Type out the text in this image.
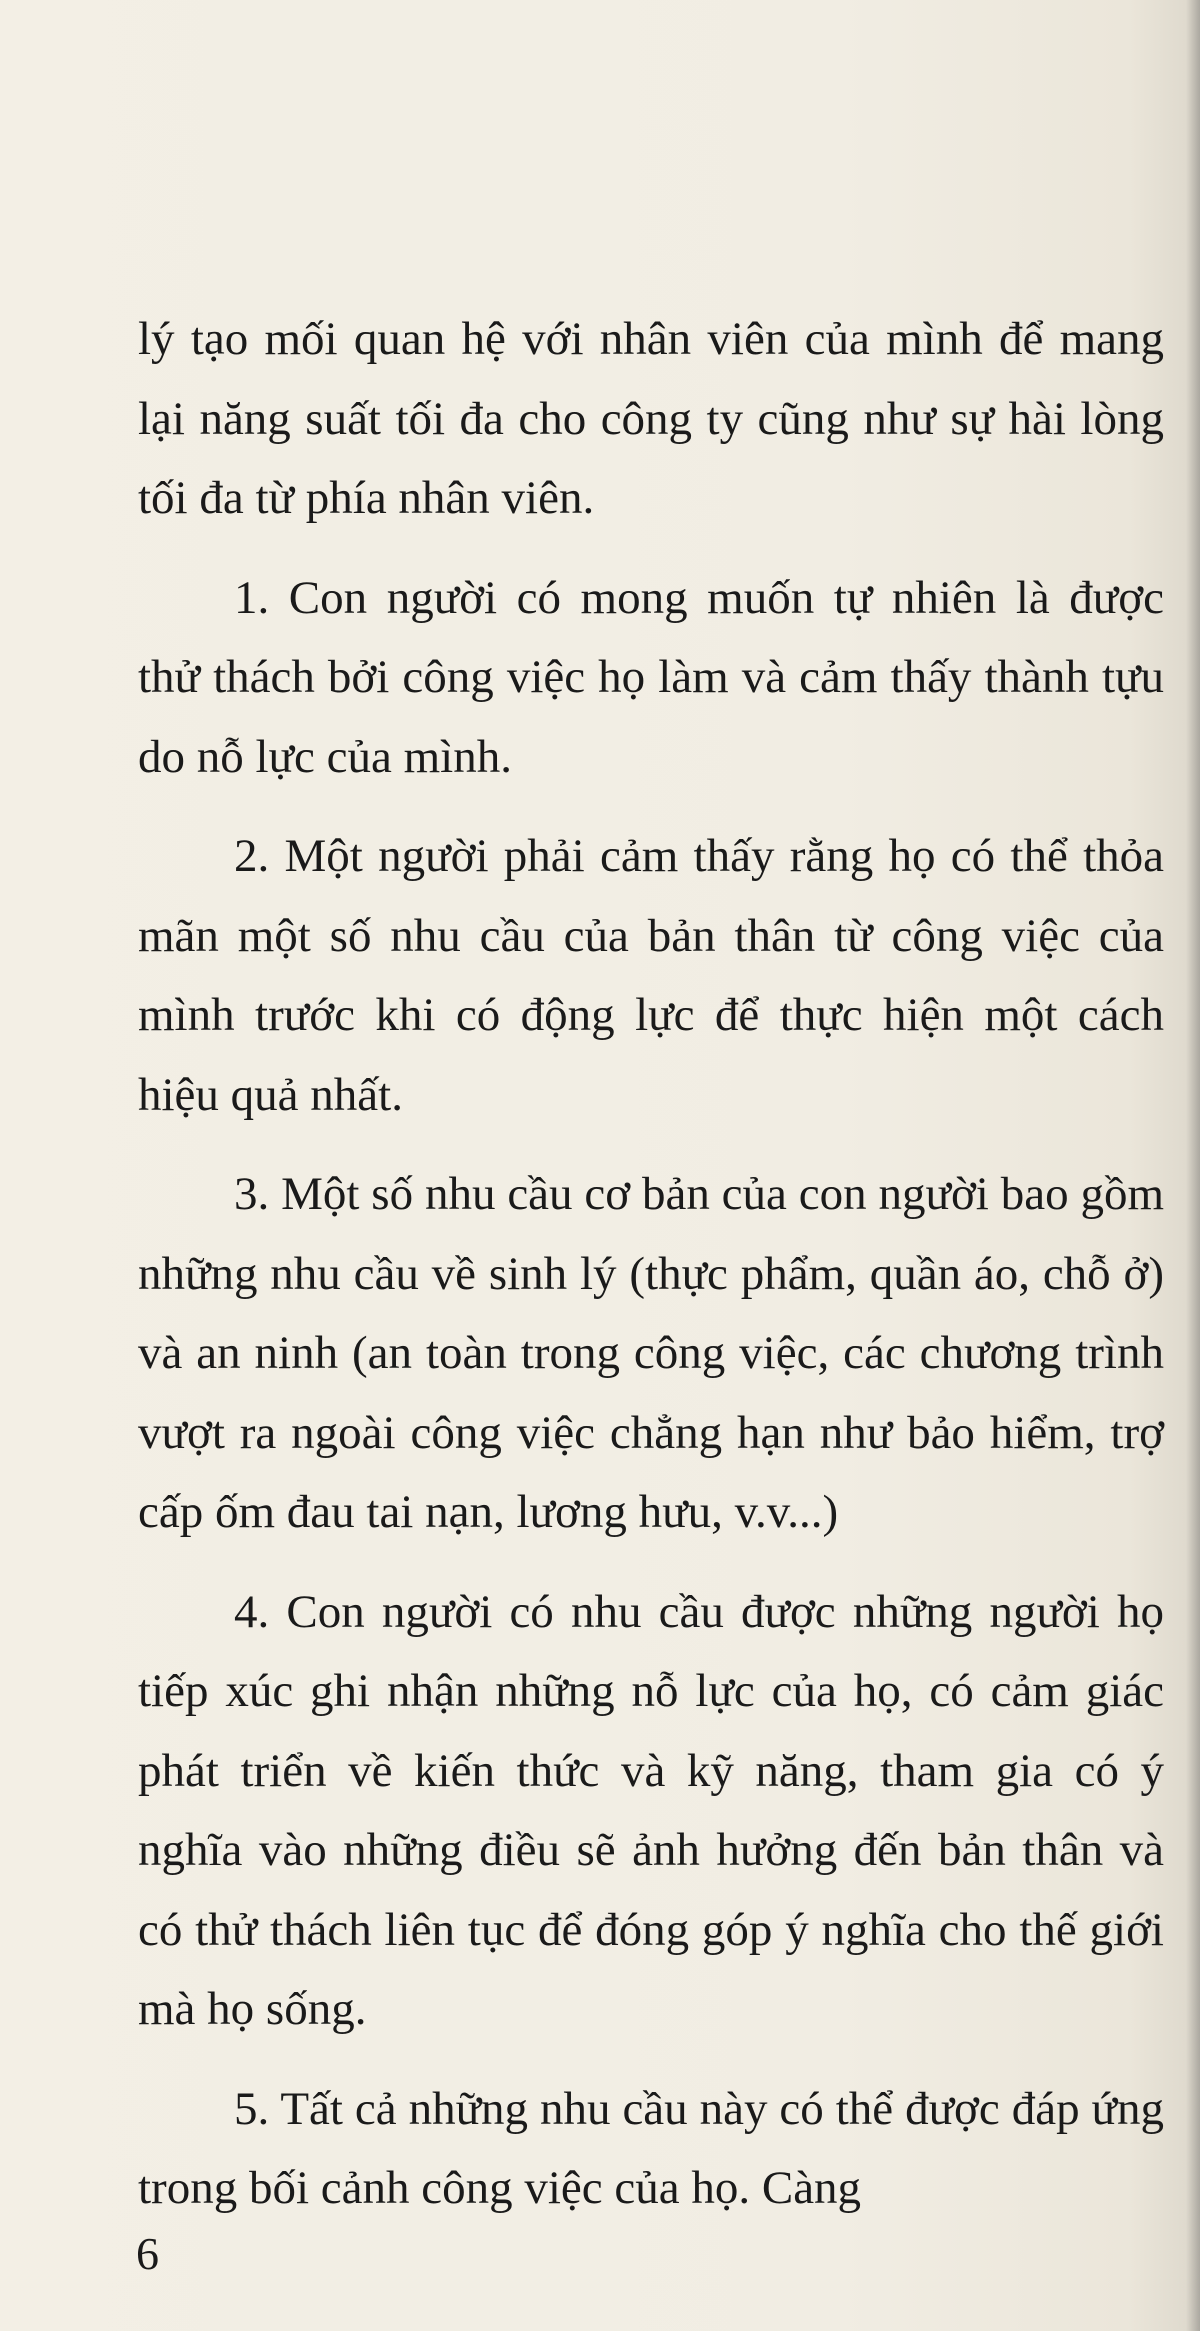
lý tạo mối quan hệ với nhân viên của mình để mang lại năng suất tối đa cho công ty cũng như sự hài lòng tối đa từ phía nhân viên.

1. Con người có mong muốn tự nhiên là được thử thách bởi công việc họ làm và cảm thấy thành tựu do nỗ lực của mình.

2. Một người phải cảm thấy rằng họ có thể thỏa mãn một số nhu cầu của bản thân từ công việc của mình trước khi có động lực để thực hiện một cách hiệu quả nhất.

3. Một số nhu cầu cơ bản của con người bao gồm những nhu cầu về sinh lý (thực phẩm, quần áo, chỗ ở) và an ninh (an toàn trong công việc, các chương trình vượt ra ngoài công việc chẳng hạn như bảo hiểm, trợ cấp ốm đau tai nạn, lương hưu, v.v...)

4. Con người có nhu cầu được những người họ tiếp xúc ghi nhận những nỗ lực của họ, có cảm giác phát triển về kiến thức và kỹ năng, tham gia có ý nghĩa vào những điều sẽ ảnh hưởng đến bản thân và có thử thách liên tục để đóng góp ý nghĩa cho thế giới mà họ sống.

5. Tất cả những nhu cầu này có thể được đáp ứng trong bối cảnh công việc của họ. Càng

6
